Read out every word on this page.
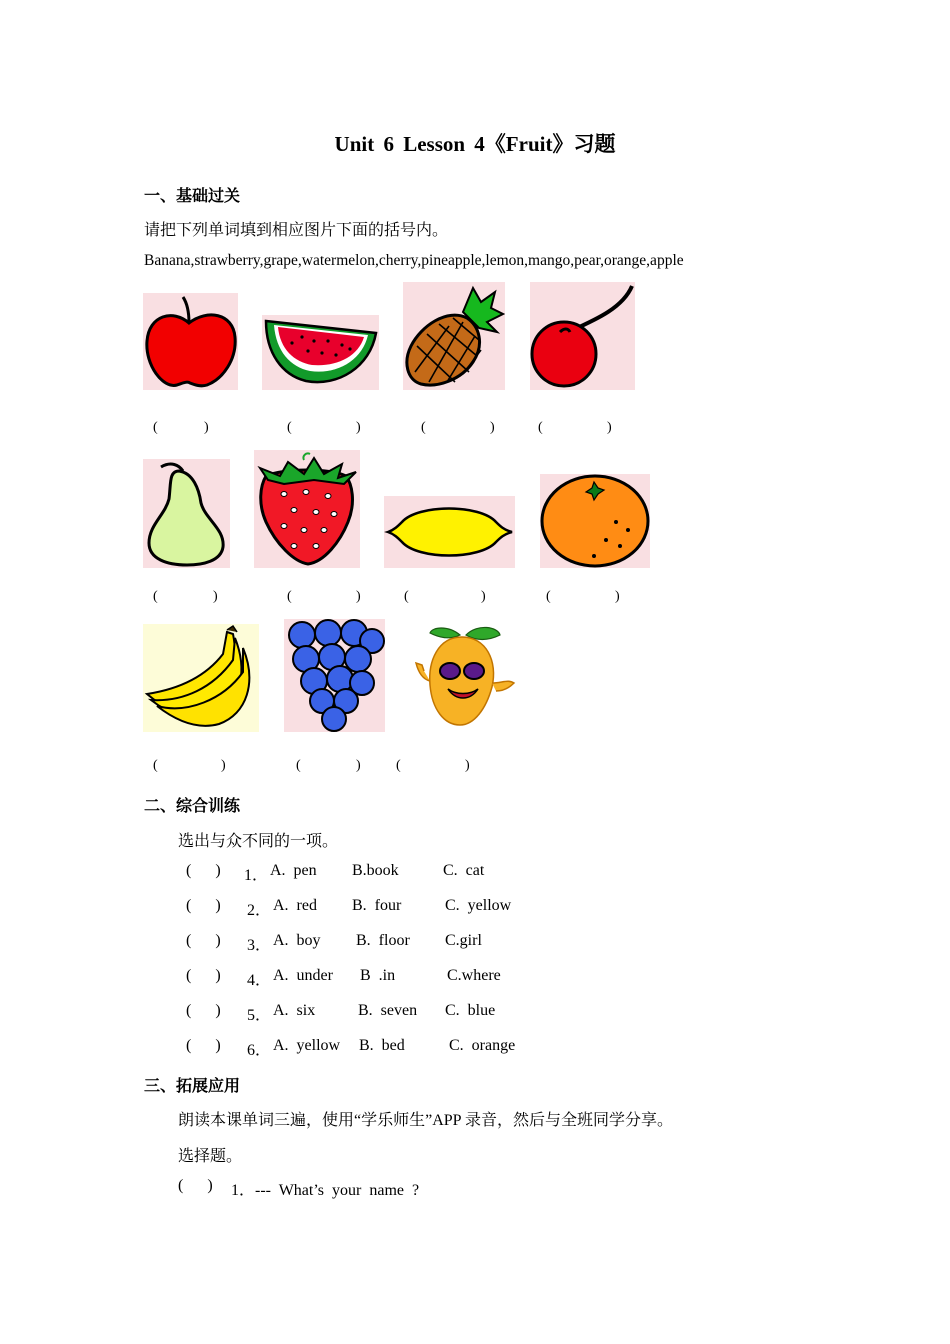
Unit 6 Lesson 4《Fruit》习题
一、基础过关
请把下列单词填到相应图片下面的括号内。
Banana,strawberry,grape,watermelon,cherry,pineapple,lemon,mango,pear,orange,apple
(	)	(	)	(	)	(	)
(	)	(	)	(	)	(	)
(	)	(	)	(	)
二、综合训练
选出与众不同的一项。
(      ) 1． A.  pen B.book	C.  cat
(      ) 2． A.  red B.  four	C.  yellow
(      ) 3． A.  boy B.  floor C.girl
(      ) 4． A.  under B  .in	C.where
(      ) 5． A.  six	B.  seven C.  blue
(      ) 6． A.  yellow B.  bed	C.  orange
三、拓展应用
朗读本课单词三遍，使用“学乐师生”APP 录音，然后与全班同学分享。
选择题。
(      ) 1．---  What’s  your  name  ?
